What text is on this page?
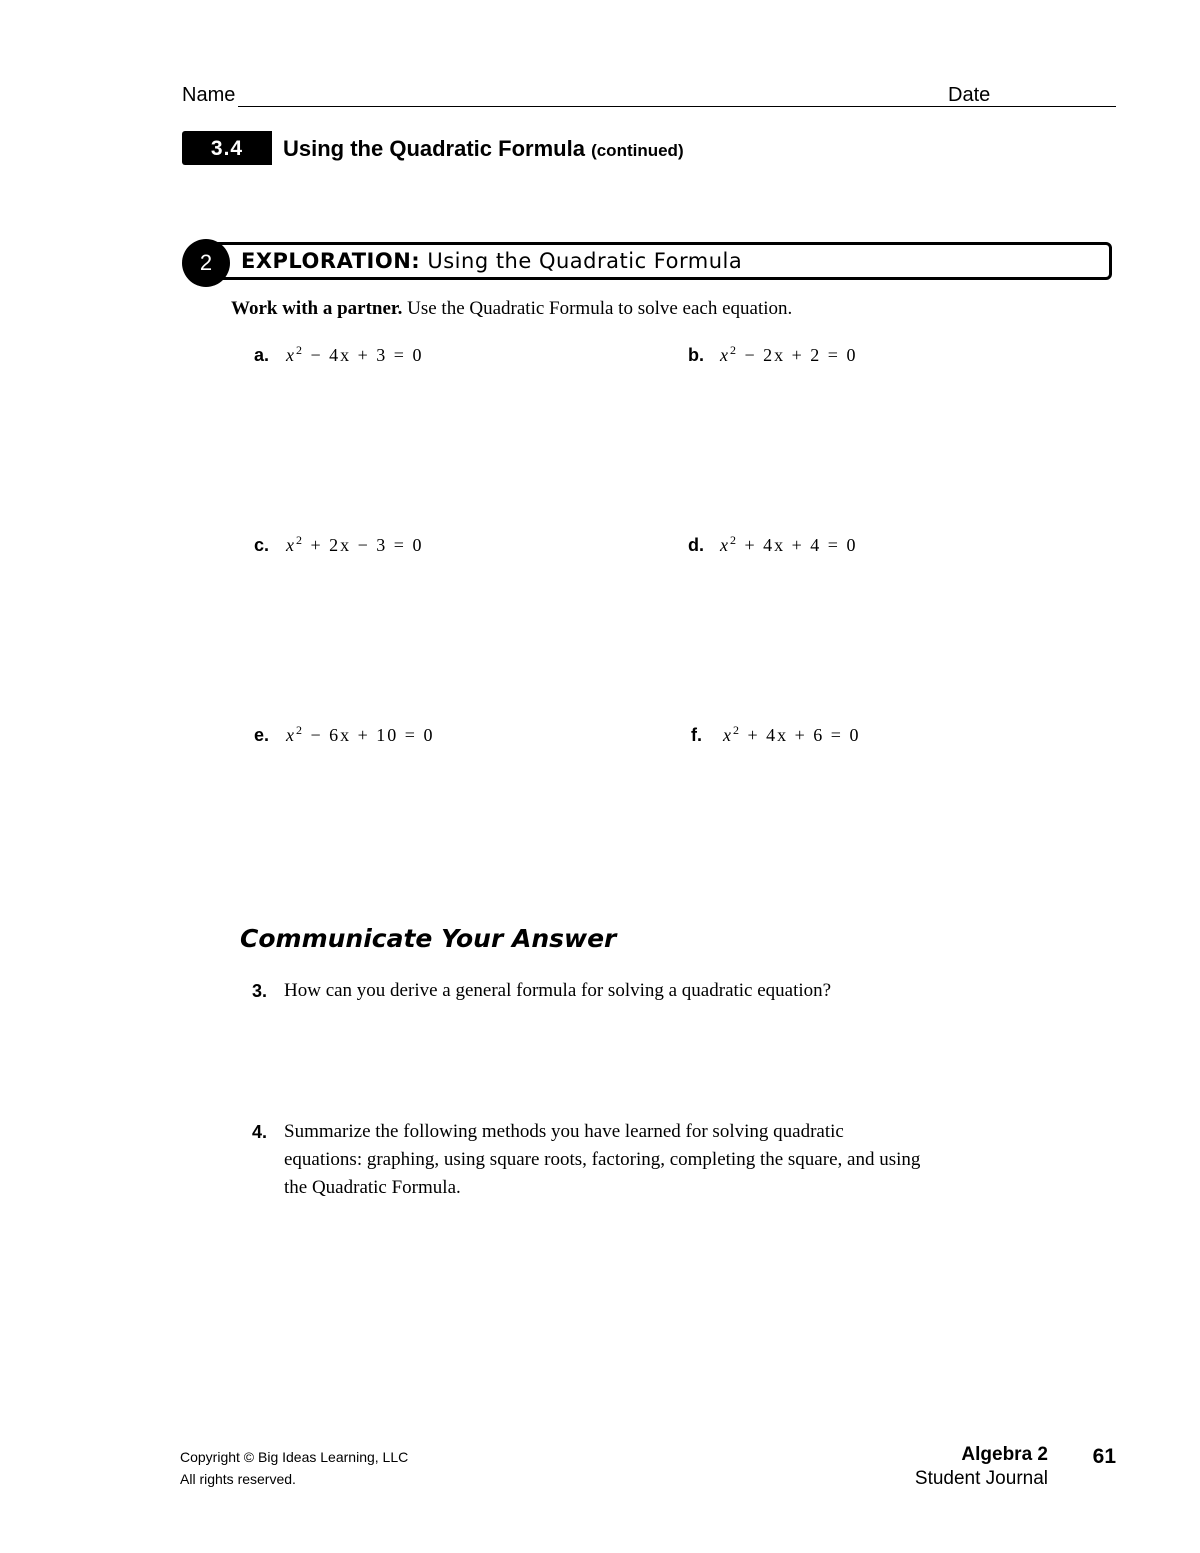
Name	Date
3.4	Using the Quadratic Formula (continued)
2	EXPLORATION: Using the Quadratic Formula
Work with a partner. Use the Quadratic Formula to solve each equation.
a. $x^2 - 4x + 3 = 0$	b. $x^2 - 2x + 2 = 0$
c. $x^2 + 2x - 3 = 0$	d. $x^2 + 4x + 4 = 0$
e. $x^2 - 6x + 10 = 0$	f. $x^2 + 4x + 6 = 0$
Communicate Your Answer
3. How can you derive a general formula for solving a quadratic equation?
4. Summarize the following methods you have learned for solving quadratic equations: graphing, using square roots, factoring, completing the square, and using the Quadratic Formula.
Copyright © Big Ideas Learning, LLC
All rights reserved.
Algebra 2
Student Journal
61
